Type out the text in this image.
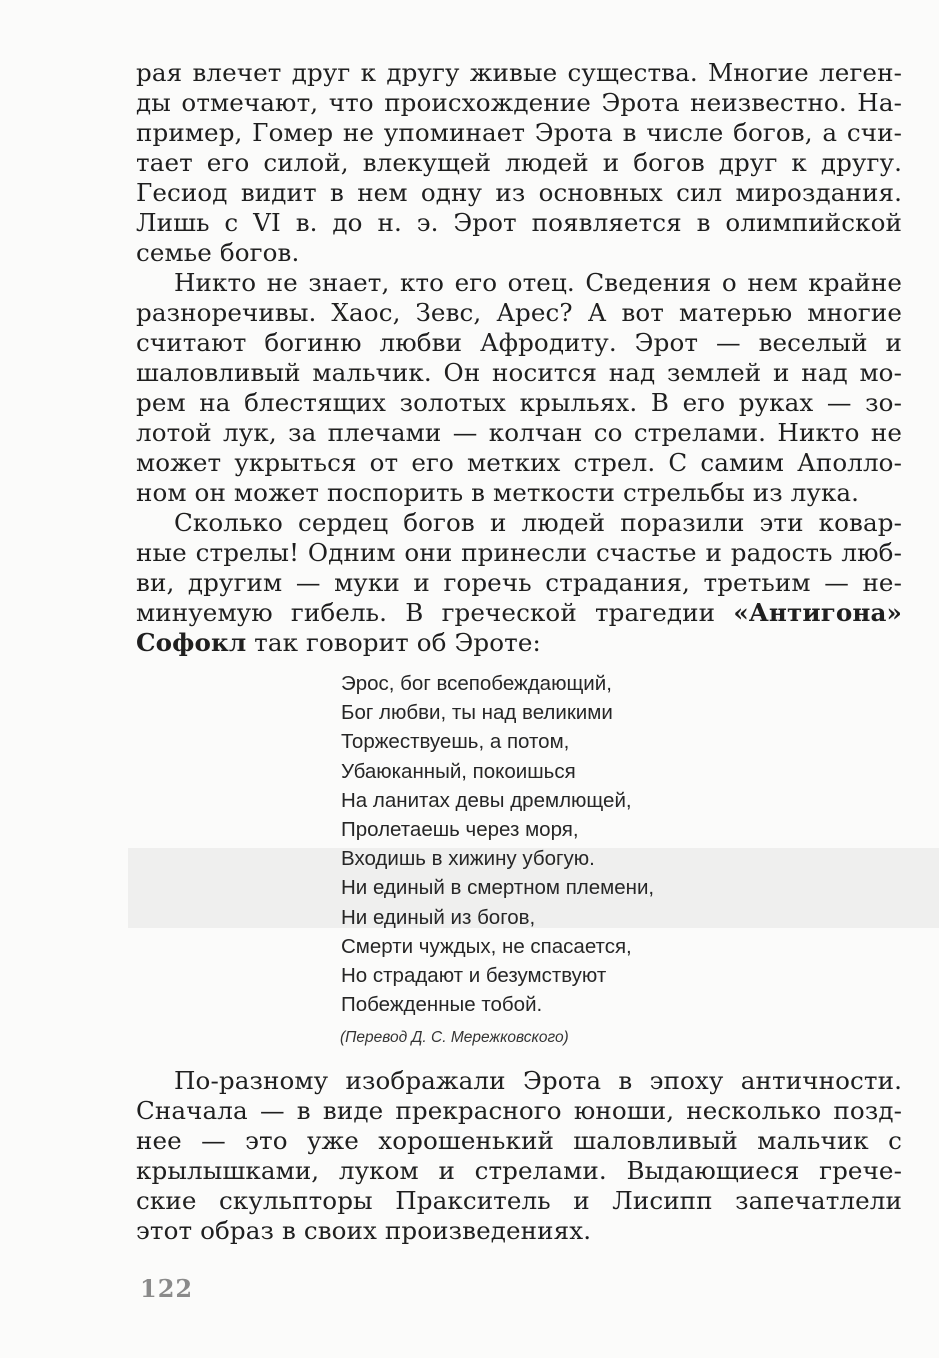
рая влечет друг к другу живые существа. Многие леген-

ды отмечают, что происхождение Эрота неизвестно. На-

пример, Гомер не упоминает Эрота в числе богов, а счи-

тает его силой, влекущей людей и богов друг к другу.

Гесиод видит в нем одну из основных сил мироздания.

Лишь с VI в. до н. э. Эрот появляется в олимпийской

семье богов.

Никто не знает, кто его отец. Сведения о нем крайне

разноречивы. Хаос, Зевс, Арес? А вот матерью многие

считают богиню любви Афродиту. Эрот — веселый и

шаловливый мальчик. Он носится над землей и над мо-

рем на блестящих золотых крыльях. В его руках — зо-

лотой лук, за плечами — колчан со стрелами. Никто не

может укрыться от его метких стрел. С самим Аполло-

ном он может поспорить в меткости стрельбы из лука.

Сколько сердец богов и людей поразили эти ковар-

ные стрелы! Одним они принесли счастье и радость люб-

ви, другим — муки и горечь страдания, третьим — не-

минуемую гибель. В греческой трагедии «Антигона»

Софокл так говорит об Эроте:

Эрос, бог всепобеждающий,
Бог любви, ты над великими
Торжествуешь, а потом,
Убаюканный, покоишься
На ланитах девы дремлющей,
Пролетаешь через моря,
Входишь в хижину убогую.
Ни единый в смертном племени,
Ни единый из богов,
Смерти чуждых, не спасается,
Но страдают и безумствуют
Побежденные тобой.
(Перевод Д. С. Мережковского)

По-разному изображали Эрота в эпоху античности.

Сначала — в виде прекрасного юноши, несколько позд-

нее — это уже хорошенький шаловливый мальчик с

крылышками, луком и стрелами. Выдающиеся грече-

ские скульпторы Пракситель и Лисипп запечатлели

этот образ в своих произведениях.

122
